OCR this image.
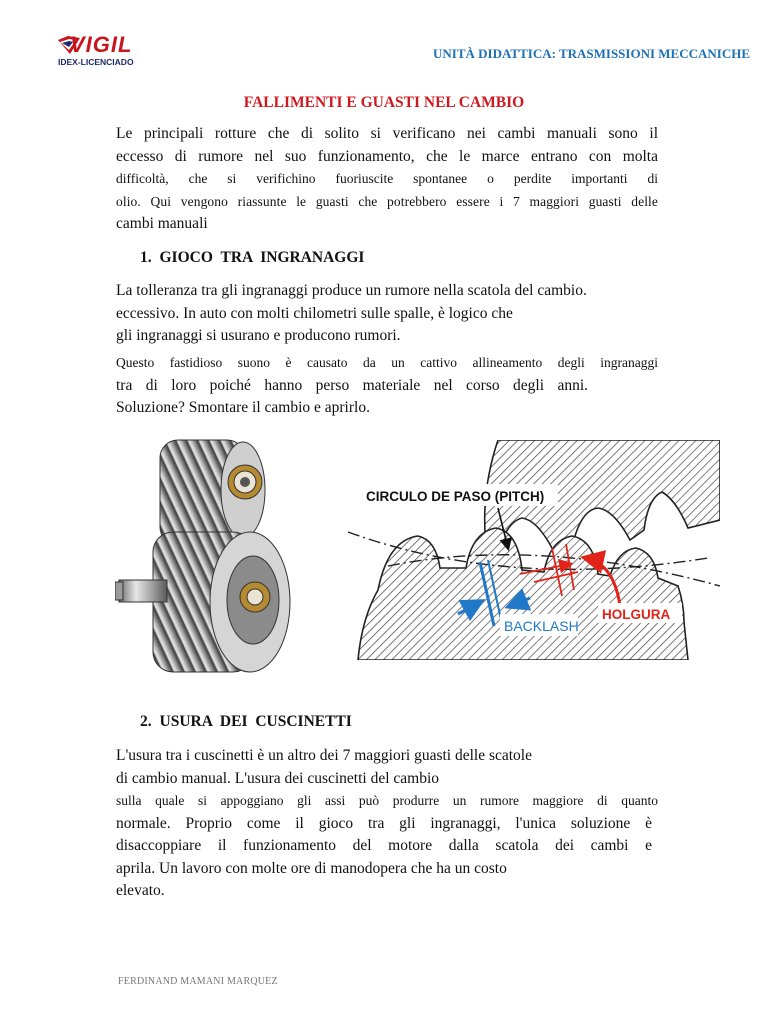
VIGIL
IDEX-LICENCIADO
UNITÀ DIDATTICA: TRASMISSIONI MECCANICHE
FALLIMENTI E GUASTI NEL CAMBIO
Le principali rotture che di solito si verificano nei cambi manuali sono il
eccesso di rumore nel suo funzionamento, che le marce entrano con molta
difficoltà, che si verifichino fuoriuscite spontanee o perdite importanti di
olio. Qui vengono riassunte le guasti che potrebbero essere i 7 maggiori guasti delle
cambi manuali
1. GIOCO TRA INGRANAGGI
La tolleranza tra gli ingranaggi produce un rumore nella scatola del cambio.
eccessivo. In auto con molti chilometri sulle spalle, è logico che
gli ingranaggi si usurano e producono rumori.
Questo fastidioso suono è causato da un cattivo allineamento degli ingranaggi
tra di loro poiché hanno perso materiale nel corso degli anni.
Soluzione? Smontare il cambio e aprirlo.
CIRCULO DE PASO (PITCH)
BACKLASH
HOLGURA
2. USURA DEI CUSCINETTI
L'usura tra i cuscinetti è un altro dei 7 maggiori guasti delle scatole
di cambio manual. L'usura dei cuscinetti del cambio
sulla quale si appoggiano gli assi può produrre un rumore maggiore di quanto
normale. Proprio come il gioco tra gli ingranaggi, l'unica soluzione è
disaccoppiare il funzionamento del motore dalla scatola dei cambi e
aprila. Un lavoro con molte ore di manodopera che ha un costo
elevato.
FERDINAND MAMANI MARQUEZ
